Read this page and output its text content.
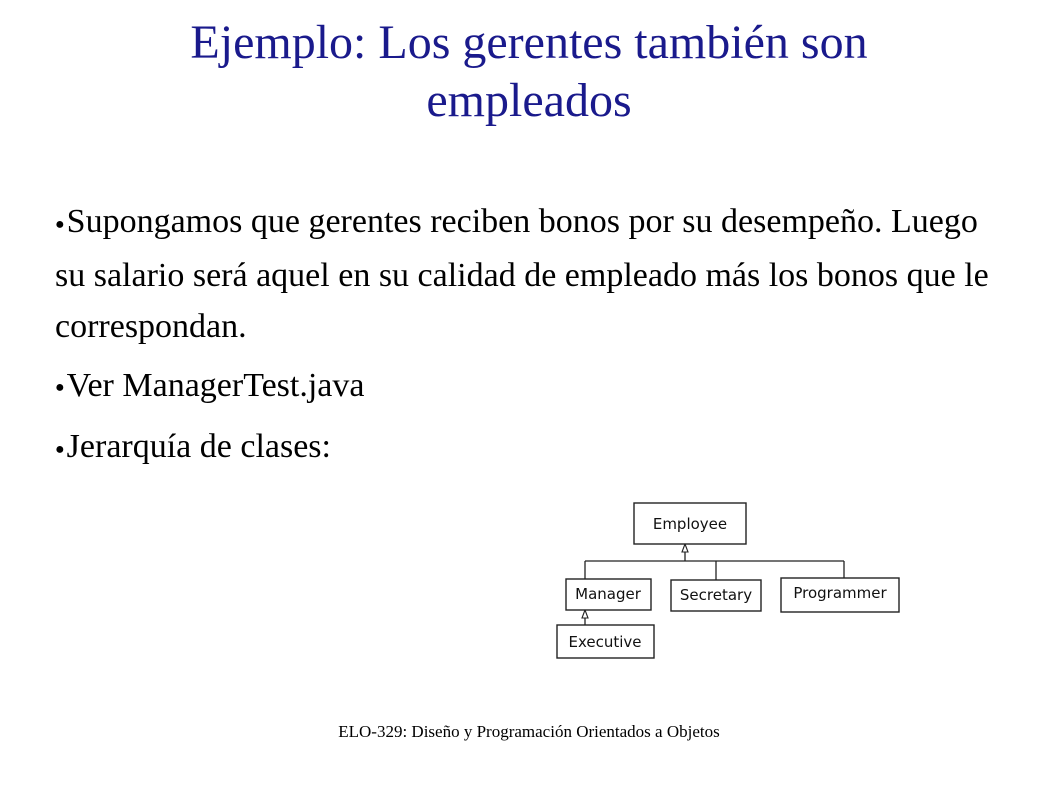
Ejemplo: Los gerentes también son
empleados
●Supongamos que gerentes reciben bonos por su desempeño. Luego su salario será aquel en su calidad de empleado más los bonos que le correspondan.
●Ver ManagerTest.java
●Jerarquía de clases:
Employee
Manager	Secretary	Programmer
Executive
ELO-329: Diseño y Programación Orientados a Objetos
